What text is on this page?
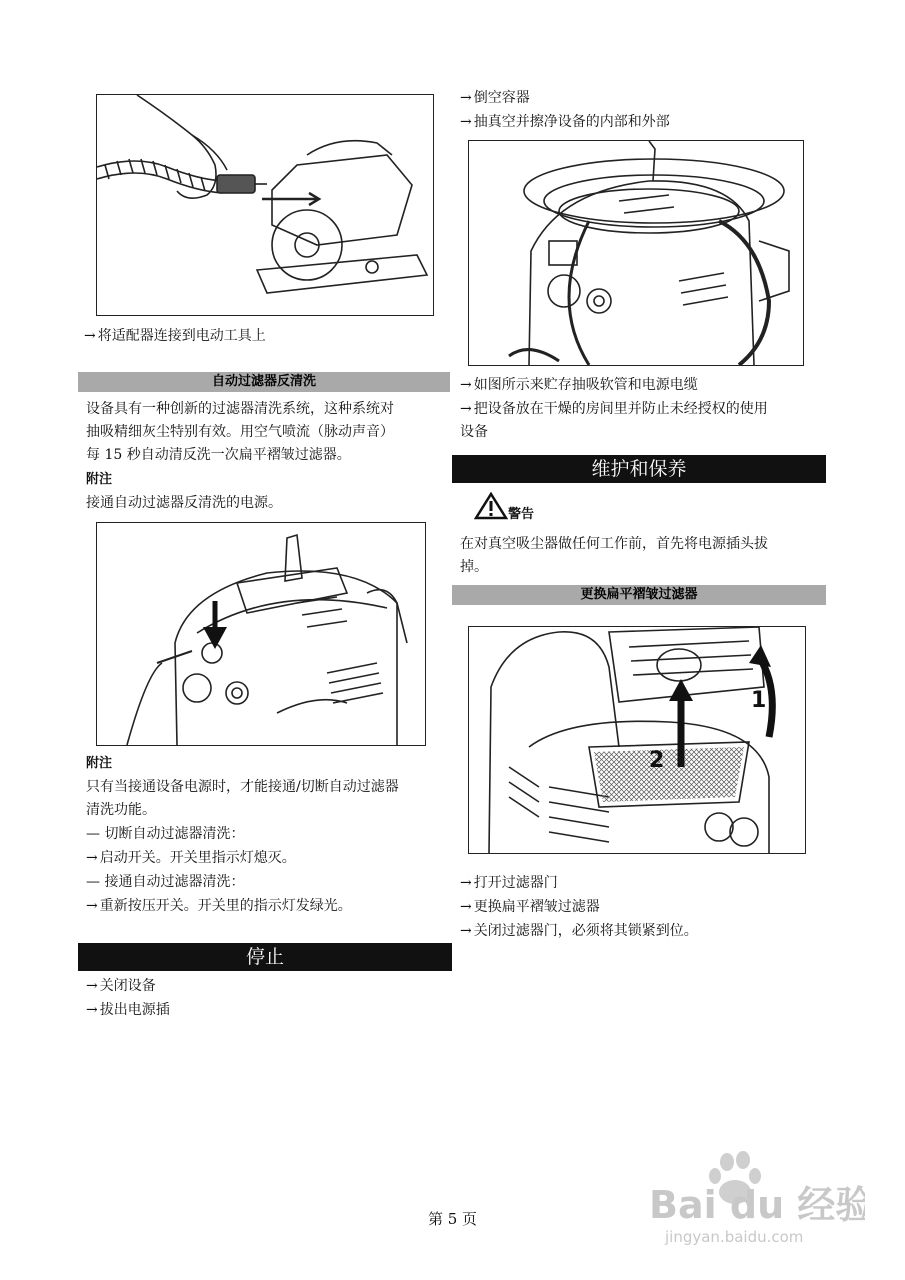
→ 将适配器连接到电动工具上
自动过滤器反清洗
设备具有一种创新的过滤器清洗系统，这种系统对
抽吸精细灰尘特别有效。用空气喷流（脉动声音）
每 15 秒自动清反洗一次扁平褶皱过滤器。
附注
接通自动过滤器反清洗的电源。
附注
只有当接通设备电源时，才能接通/切断自动过滤器
清洗功能。
— 切断自动过滤器清洗：
→ 启动开关。开关里指示灯熄灭。
— 接通自动过滤器清洗：
→ 重新按压开关。开关里的指示灯发绿光。
停止
→ 关闭设备
→ 拔出电源插
→ 倒空容器
→ 抽真空并擦净设备的内部和外部
→ 如图所示来贮存抽吸软管和电源电缆
→ 把设备放在干燥的房间里并防止未经授权的使用
设备
维护和保养
警告
在对真空吸尘器做任何工作前，首先将电源插头拔
掉。
更换扁平褶皱过滤器
1
2
→ 打开过滤器门
→ 更换扁平褶皱过滤器
→ 关闭过滤器门，必须将其锁紧到位。
第 5 页	Bai du 经验
jingyan.baidu.com
